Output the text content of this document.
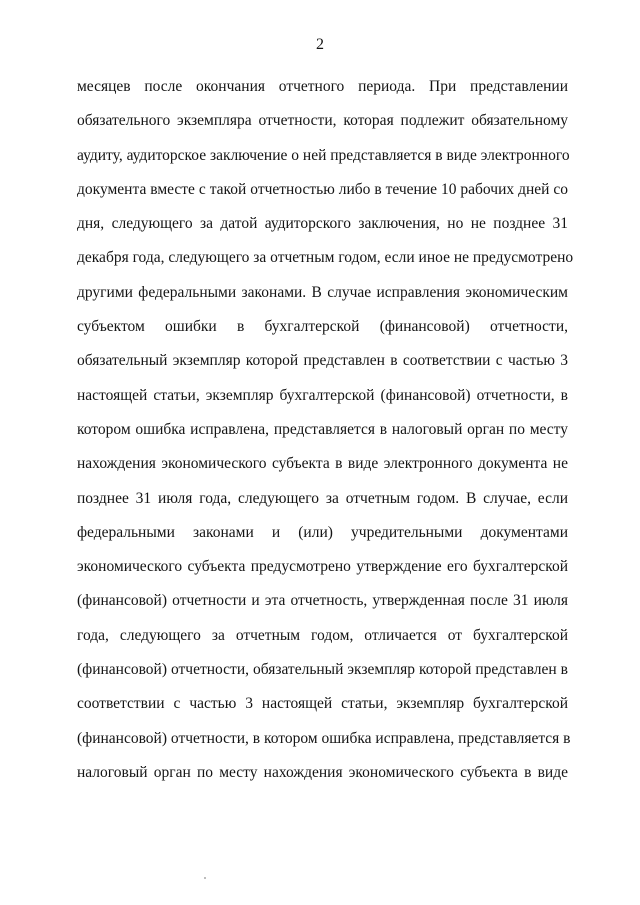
2
месяцев после окончания отчетного периода. При представлении
обязательного экземпляра отчетности, которая подлежит обязательному
аудиту, аудиторское заключение о ней представляется в виде электронного
документа вместе с такой отчетностью либо в течение 10 рабочих дней со
дня, следующего за датой аудиторского заключения, но не позднее 31
декабря года, следующего за отчетным годом, если иное не предусмотрено
другими федеральными законами. В случае исправления экономическим
субъектом ошибки в бухгалтерской (финансовой) отчетности,
обязательный экземпляр которой представлен в соответствии с частью 3
настоящей статьи, экземпляр бухгалтерской (финансовой) отчетности, в
котором ошибка исправлена, представляется в налоговый орган по месту
нахождения экономического субъекта в виде электронного документа не
позднее 31 июля года, следующего за отчетным годом. В случае, если
федеральными законами и (или) учредительными документами
экономического субъекта предусмотрено утверждение его бухгалтерской
(финансовой) отчетности и эта отчетность, утвержденная после 31 июля
года, следующего за отчетным годом, отличается от бухгалтерской
(финансовой) отчетности, обязательный экземпляр которой представлен в
соответствии с частью 3 настоящей статьи, экземпляр бухгалтерской
(финансовой) отчетности, в котором ошибка исправлена, представляется в
налоговый орган по месту нахождения экономического субъекта в виде
